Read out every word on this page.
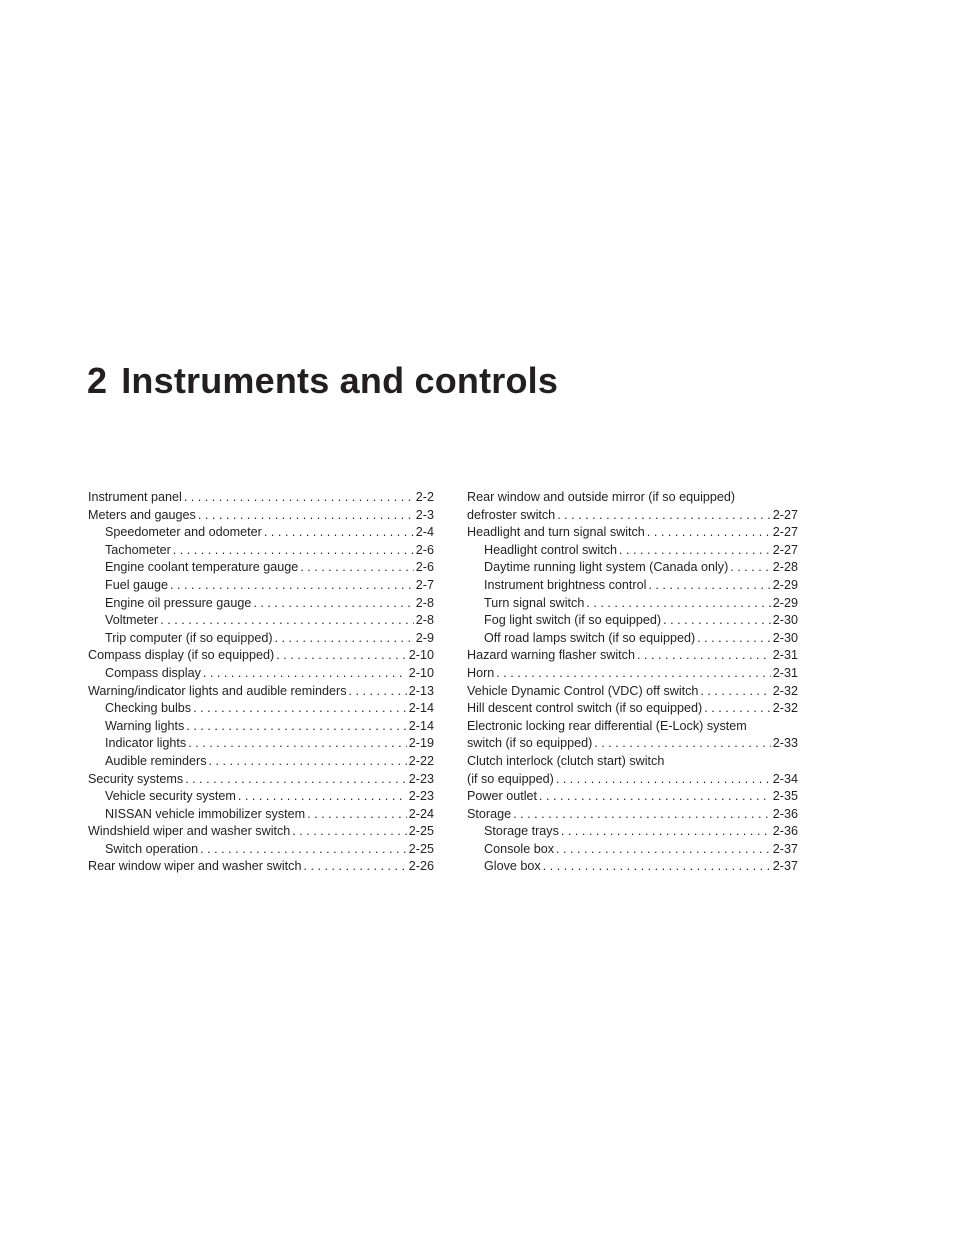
2 Instruments and controls
Instrument panel . . .	2-2
Meters and gauges . . .	2-3
Speedometer and odometer . . .	2-4
Tachometer . . .	2-6
Engine coolant temperature gauge . . .	2-6
Fuel gauge . . .	2-7
Engine oil pressure gauge . . .	2-8
Voltmeter . . .	2-8
Trip computer (if so equipped) . . .	2-9
Compass display (if so equipped) . . .	2-10
Compass display . . .	2-10
Warning/indicator lights and audible reminders . . .	2-13
Checking bulbs . . .	2-14
Warning lights . . .	2-14
Indicator lights . . .	2-19
Audible reminders . . .	2-22
Security systems . . .	2-23
Vehicle security system . . .	2-23
NISSAN vehicle immobilizer system . . .	2-24
Windshield wiper and washer switch . . .	2-25
Switch operation . . .	2-25
Rear window wiper and washer switch . . .	2-26
Rear window and outside mirror (if so equipped)
defroster switch . . .	2-27
Headlight and turn signal switch . . .	2-27
Headlight control switch . . .	2-27
Daytime running light system (Canada only) . . .	2-28
Instrument brightness control . . .	2-29
Turn signal switch . . .	2-29
Fog light switch (if so equipped) . . .	2-30
Off road lamps switch (if so equipped) . . .	2-30
Hazard warning flasher switch . . .	2-31
Horn . . .	2-31
Vehicle Dynamic Control (VDC) off switch . . .	2-32
Hill descent control switch (if so equipped) . . .	2-32
Electronic locking rear differential (E-Lock) system
switch (if so equipped) . . .	2-33
Clutch interlock (clutch start) switch
(if so equipped) . . .	2-34
Power outlet . . .	2-35
Storage . . .	2-36
Storage trays . . .	2-36
Console box . . .	2-37
Glove box . . .	2-37
